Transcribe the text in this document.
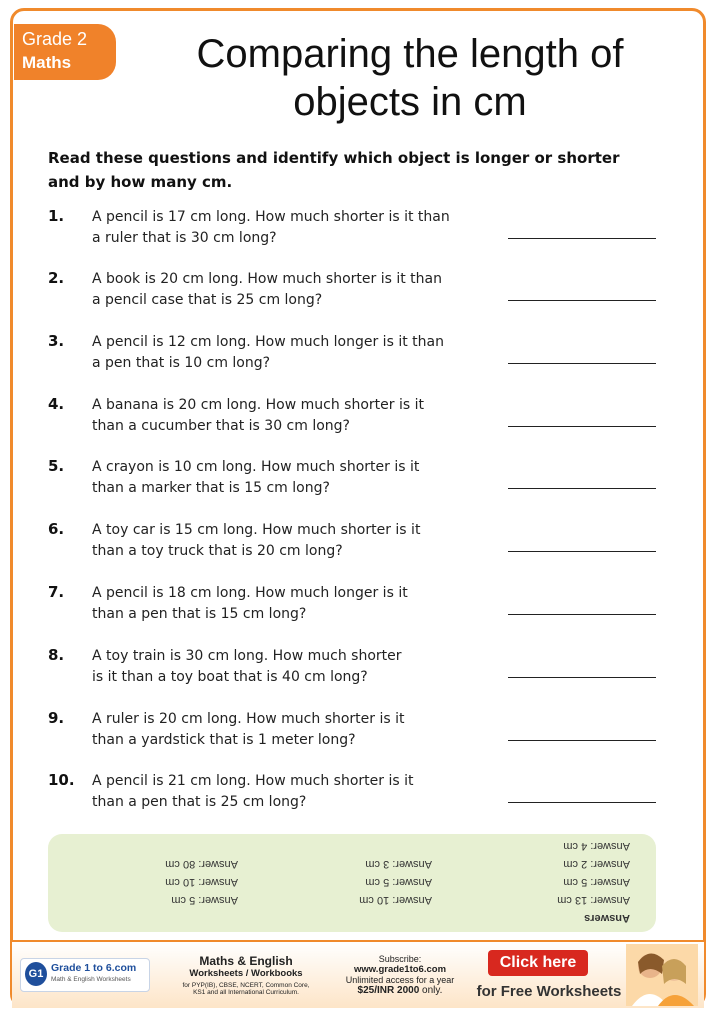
Grade 2
Maths	Comparing the length of
objects in cm
Read these questions and identify which object is longer or shorter and by how many cm.
1. A pencil is 17 cm long. How much shorter is it than
a ruler that is 30 cm long?
2. A book is 20 cm long. How much shorter is it than
a pencil case that is 25 cm long?
3. A pencil is 12 cm long. How much longer is it than
a pen that is 10 cm long?
4. A banana is 20 cm long. How much shorter is it
than a cucumber that is 30 cm long?
5. A crayon is 10 cm long. How much shorter is it
than a marker that is 15 cm long?
6. A toy car is 15 cm long. How much shorter is it
than a toy truck that is 20 cm long?
7. A pencil is 18 cm long. How much longer is it
than a pen that is 15 cm long?
8. A toy train is 30 cm long. How much shorter
is it than a toy boat that is 40 cm long?
9. A ruler is 20 cm long. How much shorter is it
than a yardstick that is 1 meter long?
10. A pencil is 21 cm long. How much shorter is it
than a pen that is 25 cm long?
Answers
Answer: 13 cm
Answer: 5 cm
Answer: 2 cm
Answer: 4 cm
Answer: 10 cm
Answer: 5 cm
Answer: 3 cm
Answer: 5 cm
Answer: 10 cm
Answer: 80 cm
G1 Grade 1 to 6.com
Math & English Worksheets
Maths & English
Worksheets / Workbooks
for PYP(IB), CBSE, NCERT, Common Core,
KS1 and all International Curriculum.
Subscribe:
www.grade1to6.com
Unlimited access for a year
$25/INR 2000 only.
Click here
for Free Worksheets
